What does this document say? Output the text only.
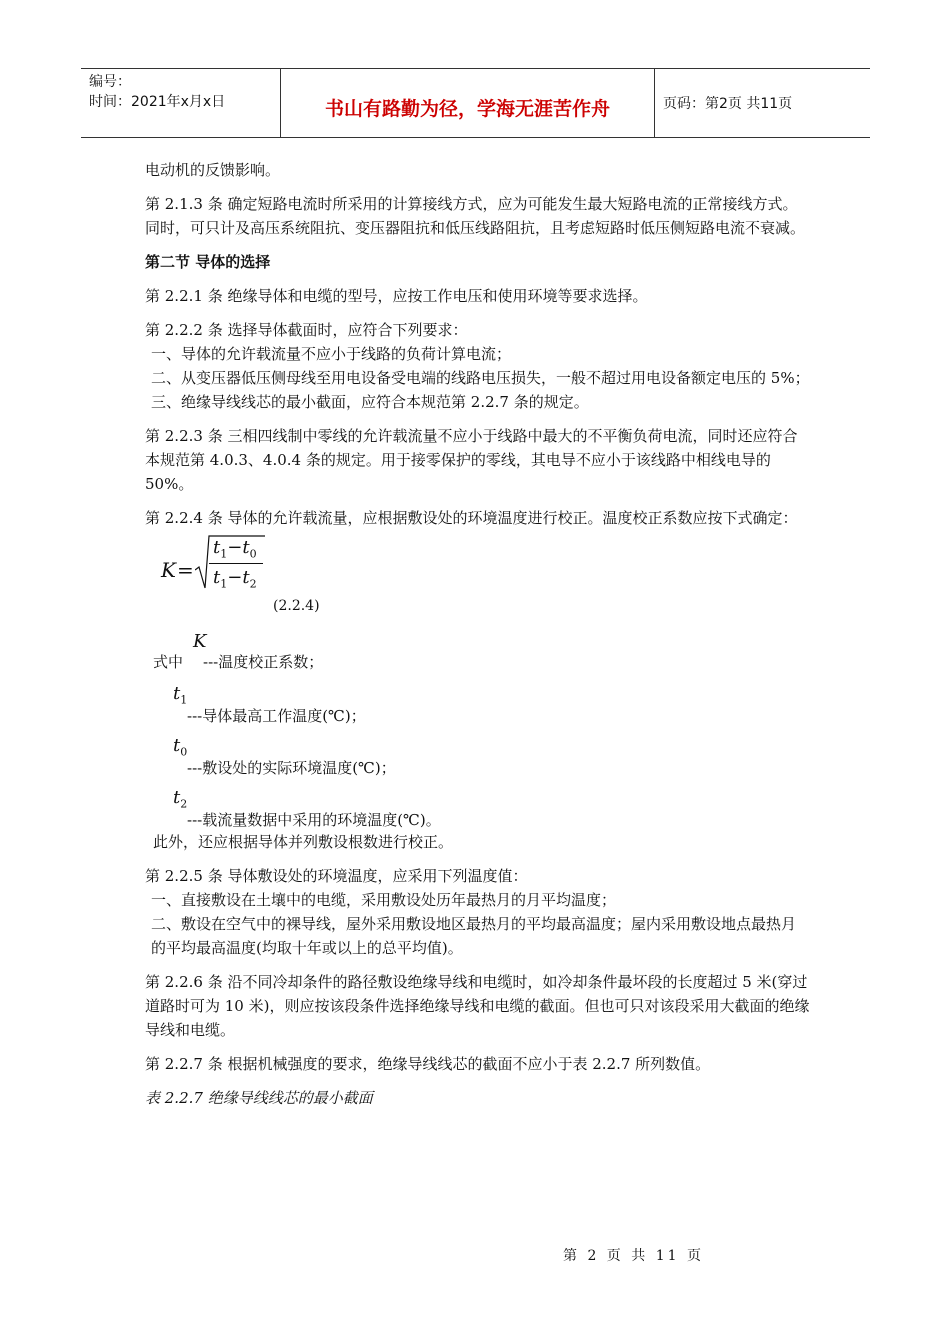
编号：
时间：2021年x月x日	书山有路勤为径，学海无涯苦作舟	页码：第2页 共11页

电动机的反馈影响。

第 2.1.3 条 确定短路电流时所采用的计算接线方式，应为可能发生最大短路电流的正常接线方式。同时，可只计及高压系统阻抗、变压器阻抗和低压线路阻抗，且考虑短路时低压侧短路电流不衰减。

第二节 导体的选择

第 2.2.1 条 绝缘导体和电缆的型号，应按工作电压和使用环境等要求选择。

第 2.2.2 条 选择导体截面时，应符合下列要求：

一、导体的允许载流量不应小于线路的负荷计算电流；

二、从变压器低压侧母线至用电设备受电端的线路电压损失，一般不超过用电设备额定电压的 5%；

三、绝缘导线线芯的最小截面，应符合本规范第 2.2.7 条的规定。

第 2.2.3 条 三相四线制中零线的允许载流量不应小于线路中最大的不平衡负荷电流，同时还应符合本规范第 4.0.3、4.0.4 条的规定。用于接零保护的零线，其电导不应小于该线路中相线电导的 50%。

第 2.2.4 条 导体的允许载流量，应根据敷设处的环境温度进行校正。温度校正系数应按下式确定：

K =
$t_1-t_0$
$t_1-t_2$
(2.2.4)
式中
K
---温度校正系数；
$t_1$
---导体最高工作温度(℃)；
$t_0$
---敷设处的实际环境温度(℃)；
$t_2$
---载流量数据中采用的环境温度(℃)。

此外，还应根据导体并列敷设根数进行校正。

第 2.2.5 条 导体敷设处的环境温度，应采用下列温度值：

一、直接敷设在土壤中的电缆，采用敷设处历年最热月的月平均温度；

二、敷设在空气中的裸导线，屋外采用敷设地区最热月的平均最高温度；屋内采用敷设地点最热月的平均最高温度(均取十年或以上的总平均值)。

第 2.2.6 条 沿不同冷却条件的路径敷设绝缘导线和电缆时，如冷却条件最坏段的长度超过 5 米(穿过道路时可为 10 米)，则应按该段条件选择绝缘导线和电缆的截面。但也可只对该段采用大截面的绝缘导线和电缆。

第 2.2.7 条 根据机械强度的要求，绝缘导线线芯的截面不应小于表 2.2.7 所列数值。

表 2.2.7 绝缘导线线芯的最小截面

第 2 页 共 11 页
